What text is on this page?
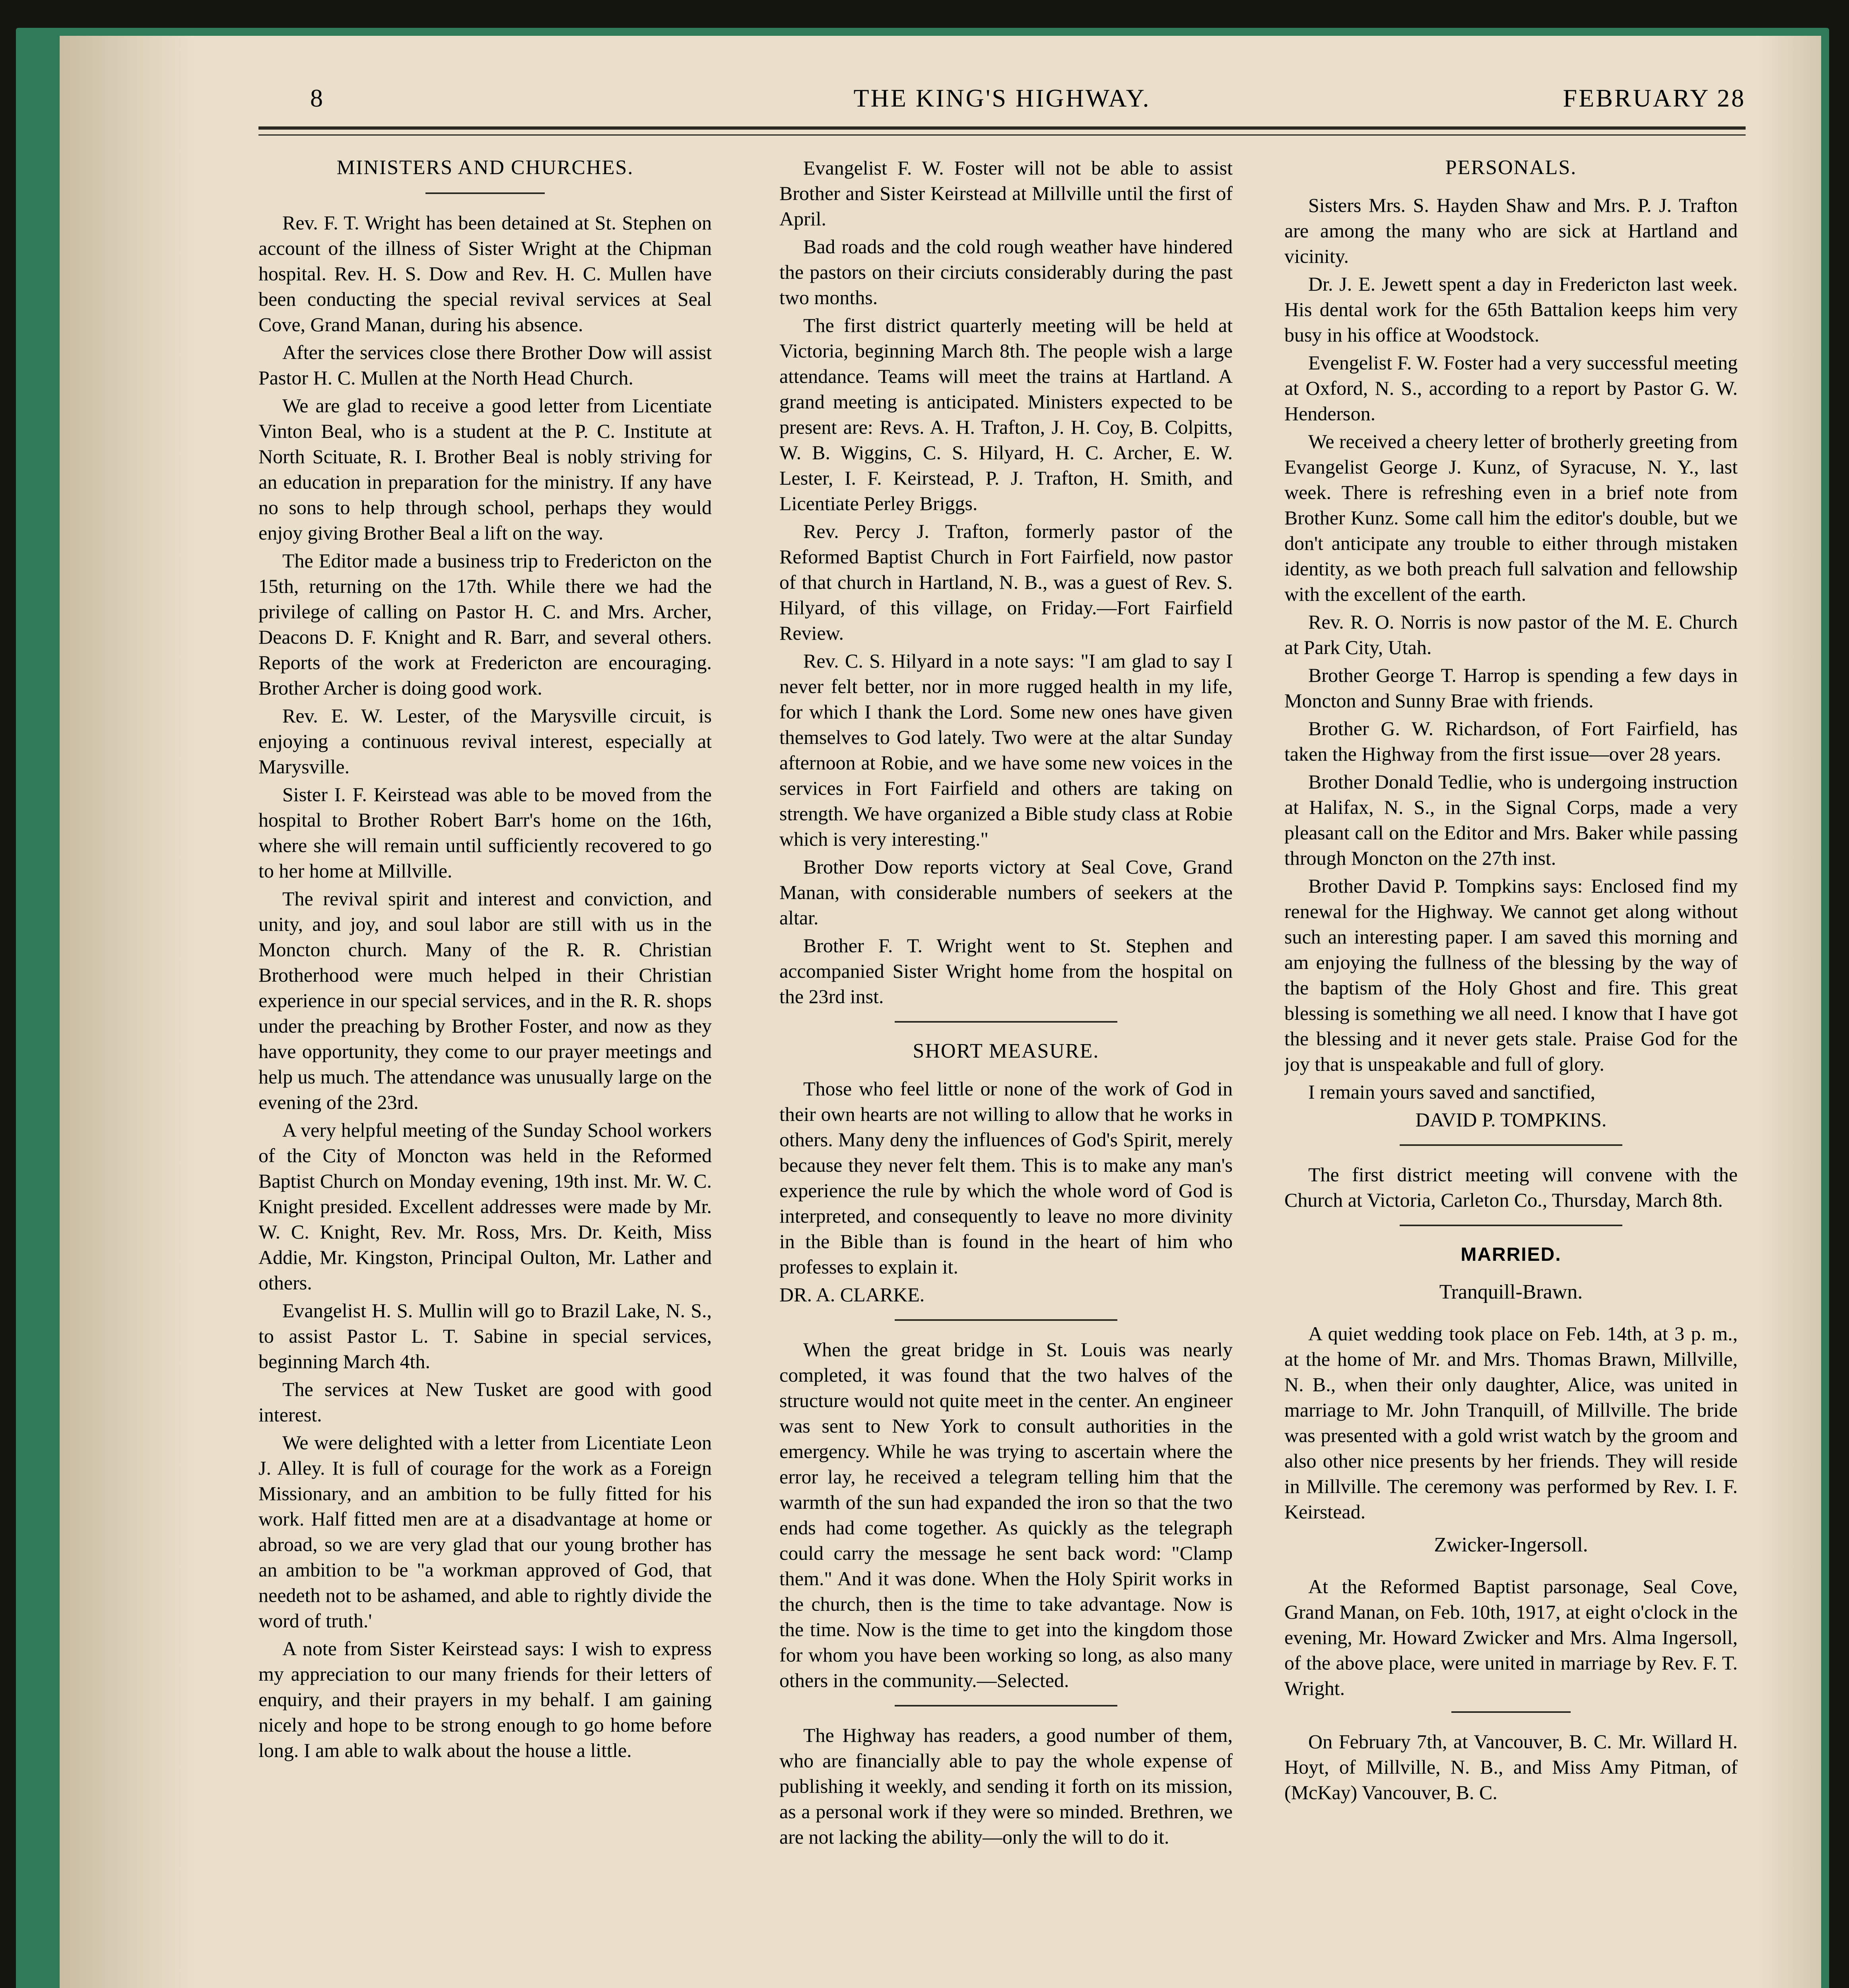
8	THE KING'S HIGHWAY.	FEBRUARY 28
MINISTERS AND CHURCHES.

Rev. F. T. Wright has been detained at St. Stephen on account of the illness of Sister Wright at the Chipman hospital. Rev. H. S. Dow and Rev. H. C. Mullen have been conducting the special revival services at Seal Cove, Grand Manan, during his absence.

After the services close there Brother Dow will assist Pastor H. C. Mullen at the North Head Church.

We are glad to receive a good letter from Licentiate Vinton Beal, who is a student at the P. C. Institute at North Scituate, R. I. Brother Beal is nobly striving for an education in preparation for the ministry. If any have no sons to help through school, perhaps they would enjoy giving Brother Beal a lift on the way.

The Editor made a business trip to Fredericton on the 15th, returning on the 17th. While there we had the privilege of calling on Pastor H. C. and Mrs. Archer, Deacons D. F. Knight and R. Barr, and several others. Reports of the work at Fredericton are encouraging. Brother Archer is doing good work.

Rev. E. W. Lester, of the Marysville circuit, is enjoying a continuous revival interest, especially at Marysville.

Sister I. F. Keirstead was able to be moved from the hospital to Brother Robert Barr's home on the 16th, where she will remain until sufficiently recovered to go to her home at Millville.

The revival spirit and interest and conviction, and unity, and joy, and soul labor are still with us in the Moncton church. Many of the R. R. Christian Brotherhood were much helped in their Christian experience in our special services, and in the R. R. shops under the preaching by Brother Foster, and now as they have opportunity, they come to our prayer meetings and help us much. The attendance was unusually large on the evening of the 23rd.

A very helpful meeting of the Sunday School workers of the City of Moncton was held in the Reformed Baptist Church on Monday evening, 19th inst. Mr. W. C. Knight presided. Excellent addresses were made by Mr. W. C. Knight, Rev. Mr. Ross, Mrs. Dr. Keith, Miss Addie, Mr. Kingston, Principal Oulton, Mr. Lather and others.

Evangelist H. S. Mullin will go to Brazil Lake, N. S., to assist Pastor L. T. Sabine in special services, beginning March 4th.

The services at New Tusket are good with good interest.

We were delighted with a letter from Licentiate Leon J. Alley. It is full of courage for the work as a Foreign Missionary, and an ambition to be fully fitted for his work. Half fitted men are at a disadvantage at home or abroad, so we are very glad that our young brother has an ambition to be "a workman approved of God, that needeth not to be ashamed, and able to rightly divide the word of truth.'

A note from Sister Keirstead says: I wish to express my appreciation to our many friends for their letters of enquiry, and their prayers in my behalf. I am gaining nicely and hope to be strong enough to go home before long. I am able to walk about the house a little.

Evangelist F. W. Foster will not be able to assist Brother and Sister Keirstead at Millville until the first of April.

Bad roads and the cold rough weather have hindered the pastors on their circiuts considerably during the past two months.

The first district quarterly meeting will be held at Victoria, beginning March 8th. The people wish a large attendance. Teams will meet the trains at Hartland. A grand meeting is anticipated. Ministers expected to be present are: Revs. A. H. Trafton, J. H. Coy, B. Colpitts, W. B. Wiggins, C. S. Hilyard, H. C. Archer, E. W. Lester, I. F. Keirstead, P. J. Trafton, H. Smith, and Licentiate Perley Briggs.

Rev. Percy J. Trafton, formerly pastor of the Reformed Baptist Church in Fort Fairfield, now pastor of that church in Hartland, N. B., was a guest of Rev. S. Hilyard, of this village, on Friday.—Fort Fairfield Review.

Rev. C. S. Hilyard in a note says: "I am glad to say I never felt better, nor in more rugged health in my life, for which I thank the Lord. Some new ones have given themselves to God lately. Two were at the altar Sunday afternoon at Robie, and we have some new voices in the services in Fort Fairfield and others are taking on strength. We have organized a Bible study class at Robie which is very interesting."

Brother Dow reports victory at Seal Cove, Grand Manan, with considerable numbers of seekers at the altar.

Brother F. T. Wright went to St. Stephen and accompanied Sister Wright home from the hospital on the 23rd inst.

SHORT MEASURE.

Those who feel little or none of the work of God in their own hearts are not willing to allow that he works in others. Many deny the influences of God's Spirit, merely because they never felt them. This is to make any man's experience the rule by which the whole word of God is interpreted, and consequently to leave no more divinity in the Bible than is found in the heart of him who professes to explain it.

DR. A. CLARKE.

When the great bridge in St. Louis was nearly completed, it was found that the two halves of the structure would not quite meet in the center. An engineer was sent to New York to consult authorities in the emergency. While he was trying to ascertain where the error lay, he received a telegram telling him that the warmth of the sun had expanded the iron so that the two ends had come together. As quickly as the telegraph could carry the message he sent back word: "Clamp them." And it was done. When the Holy Spirit works in the church, then is the time to take advantage. Now is the time. Now is the time to get into the kingdom those for whom you have been working so long, as also many others in the community.—Selected.

The Highway has readers, a good number of them, who are financially able to pay the whole expense of publishing it weekly, and sending it forth on its mission, as a personal work if they were so minded. Brethren, we are not lacking the ability—only the will to do it.

PERSONALS.

Sisters Mrs. S. Hayden Shaw and Mrs. P. J. Trafton are among the many who are sick at Hartland and vicinity.

Dr. J. E. Jewett spent a day in Fredericton last week. His dental work for the 65th Battalion keeps him very busy in his office at Woodstock.

Evengelist F. W. Foster had a very successful meeting at Oxford, N. S., according to a report by Pastor G. W. Henderson.

We received a cheery letter of brotherly greeting from Evangelist George J. Kunz, of Syracuse, N. Y., last week. There is refreshing even in a brief note from Brother Kunz. Some call him the editor's double, but we don't anticipate any trouble to either through mistaken identity, as we both preach full salvation and fellowship with the excellent of the earth.

Rev. R. O. Norris is now pastor of the M. E. Church at Park City, Utah.

Brother George T. Harrop is spending a few days in Moncton and Sunny Brae with friends.

Brother G. W. Richardson, of Fort Fairfield, has taken the Highway from the first issue—over 28 years.

Brother Donald Tedlie, who is undergoing instruction at Halifax, N. S., in the Signal Corps, made a very pleasant call on the Editor and Mrs. Baker while passing through Moncton on the 27th inst.

Brother David P. Tompkins says: Enclosed find my renewal for the Highway. We cannot get along without such an interesting paper. I am saved this morning and am enjoying the fullness of the blessing by the way of the baptism of the Holy Ghost and fire. This great blessing is something we all need. I know that I have got the blessing and it never gets stale. Praise God for the joy that is unspeakable and full of glory.

I remain yours saved and sanctified,

DAVID P. TOMPKINS.

The first district meeting will convene with the Church at Victoria, Carleton Co., Thursday, March 8th.

MARRIED.
Tranquill-Brawn.

A quiet wedding took place on Feb. 14th, at 3 p. m., at the home of Mr. and Mrs. Thomas Brawn, Millville, N. B., when their only daughter, Alice, was united in marriage to Mr. John Tranquill, of Millville. The bride was presented with a gold wrist watch by the groom and also other nice presents by her friends. They will reside in Millville. The ceremony was performed by Rev. I. F. Keirstead.

Zwicker-Ingersoll.

At the Reformed Baptist parsonage, Seal Cove, Grand Manan, on Feb. 10th, 1917, at eight o'clock in the evening, Mr. Howard Zwicker and Mrs. Alma Ingersoll, of the above place, were united in marriage by Rev. F. T. Wright.

On February 7th, at Vancouver, B. C. Mr. Willard H. Hoyt, of Millville, N. B., and Miss Amy Pitman, of (McKay) Vancouver, B. C.
